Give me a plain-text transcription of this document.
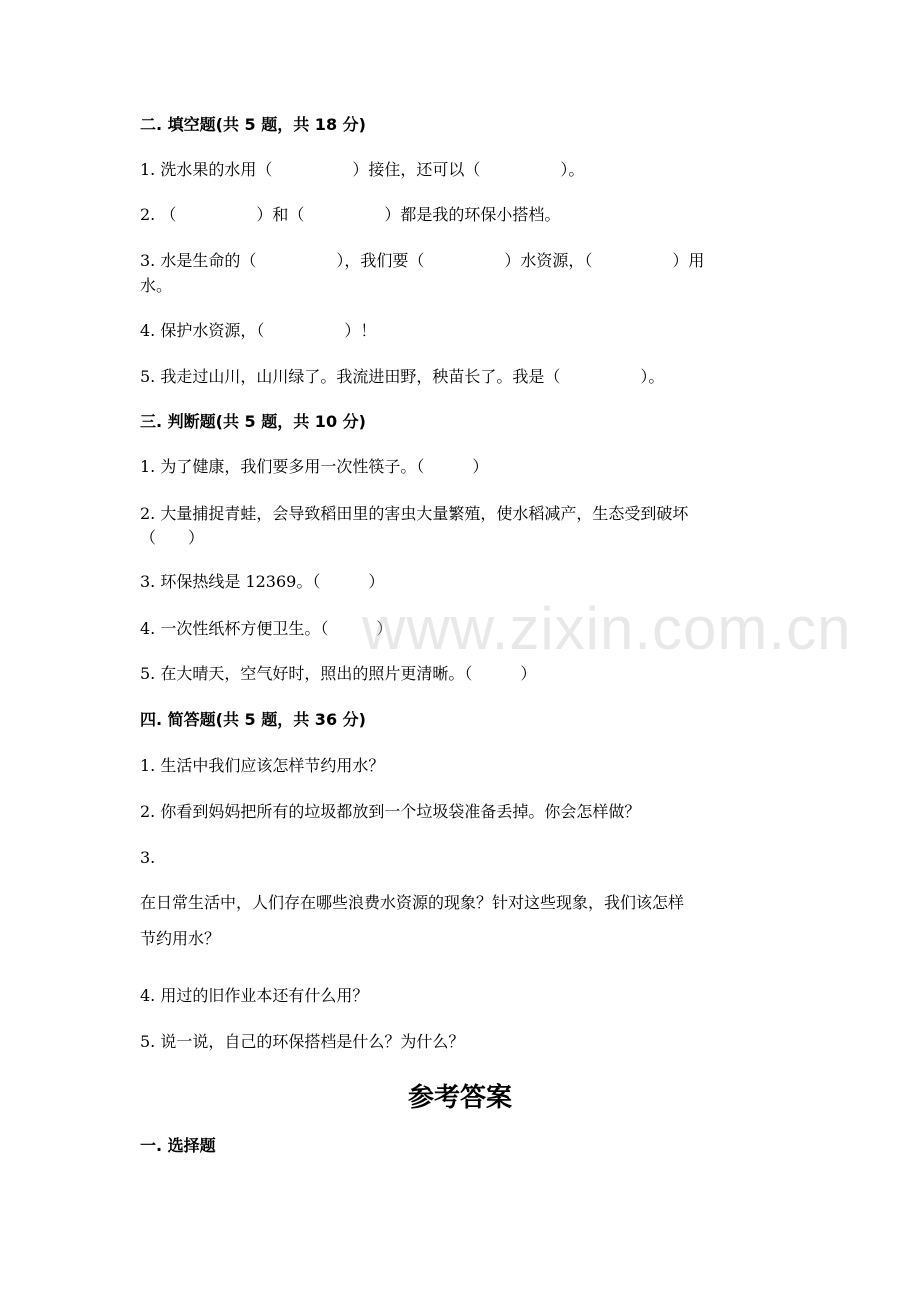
二. 填空题(共 5 题，共 18 分)
1. 洗水果的水用（　　　　　）接住，还可以（　　　　　）。
2. （　　　　　）和（　　　　　）都是我的环保小搭档。
3. 水是生命的（　　　　　），我们要（　　　　　）水资源，（　　　　　）用
水。
4. 保护水资源，（　　　　　）！
5. 我走过山川，山川绿了。我流进田野，秧苗长了。我是（　　　　　）。
三. 判断题(共 5 题，共 10 分)
1. 为了健康，我们要多用一次性筷子。（　　　）
2. 大量捕捉青蛙，会导致稻田里的害虫大量繁殖，使水稻减产，生态受到破坏
（　　）
3. 环保热线是 12369。（　　　）
4. 一次性纸杯方便卫生。（　　　）
5. 在大晴天，空气好时，照出的照片更清晰。（　　　）
四. 简答题(共 5 题，共 36 分)
1. 生活中我们应该怎样节约用水？
2. 你看到妈妈把所有的垃圾都放到一个垃圾袋准备丢掉。你会怎样做？
3.
在日常生活中，人们存在哪些浪费水资源的现象？针对这些现象，我们该怎样
节约用水？
4. 用过的旧作业本还有什么用？
5. 说一说，自己的环保搭档是什么？为什么？
参考答案
一. 选择题
www.zixin.com.cn
